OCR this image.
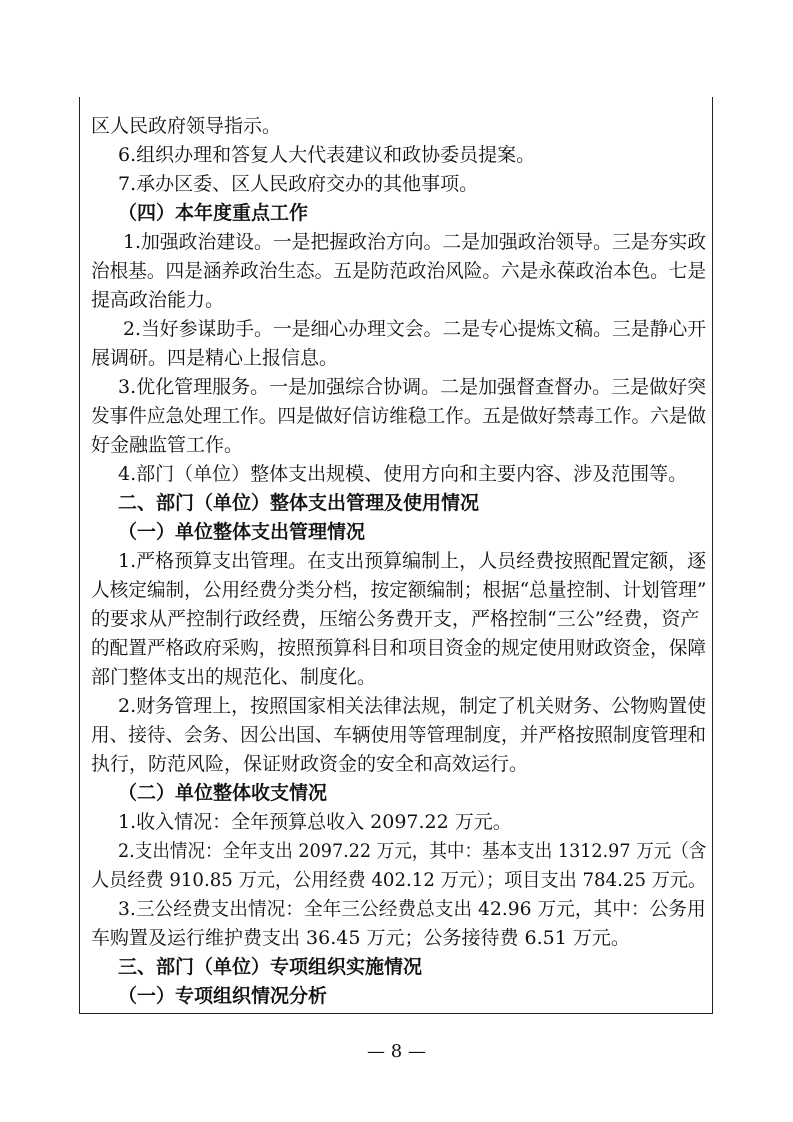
区人民政府领导指示。
6.组织办理和答复人大代表建议和政协委员提案。
7.承办区委、区人民政府交办的其他事项。
（四）本年度重点工作
1.加强政治建设。一是把握政治方向。二是加强政治领导。三是夯实政
治根基。四是涵养政治生态。五是防范政治风险。六是永葆政治本色。七是
提高政治能力。
2.当好参谋助手。一是细心办理文会。二是专心提炼文稿。三是静心开
展调研。四是精心上报信息。
3.优化管理服务。一是加强综合协调。二是加强督查督办。三是做好突
发事件应急处理工作。四是做好信访维稳工作。五是做好禁毒工作。六是做
好金融监管工作。
4.部门（单位）整体支出规模、使用方向和主要内容、涉及范围等。
二、部门（单位）整体支出管理及使用情况
（一）单位整体支出管理情况
1.严格预算支出管理。在支出预算编制上，人员经费按照配置定额，逐
人核定编制，公用经费分类分档，按定额编制；根据“总量控制、计划管理”
的要求从严控制行政经费，压缩公务费开支，严格控制“三公”经费，资产
的配置严格政府采购，按照预算科目和项目资金的规定使用财政资金，保障
部门整体支出的规范化、制度化。
2.财务管理上，按照国家相关法律法规，制定了机关财务、公物购置使
用、接待、会务、因公出国、车辆使用等管理制度，并严格按照制度管理和
执行，防范风险，保证财政资金的安全和高效运行。
（二）单位整体收支情况
1.收入情况：全年预算总收入 2097.22 万元。
2.支出情况：全年支出 2097.22 万元，其中：基本支出 1312.97 万元（含
人员经费 910.85 万元，公用经费 402.12 万元）；项目支出 784.25 万元。
3.三公经费支出情况：全年三公经费总支出 42.96 万元，其中：公务用
车购置及运行维护费支出 36.45 万元；公务接待费 6.51 万元。
三、部门（单位）专项组织实施情况
（一）专项组织情况分析
— 8 —
